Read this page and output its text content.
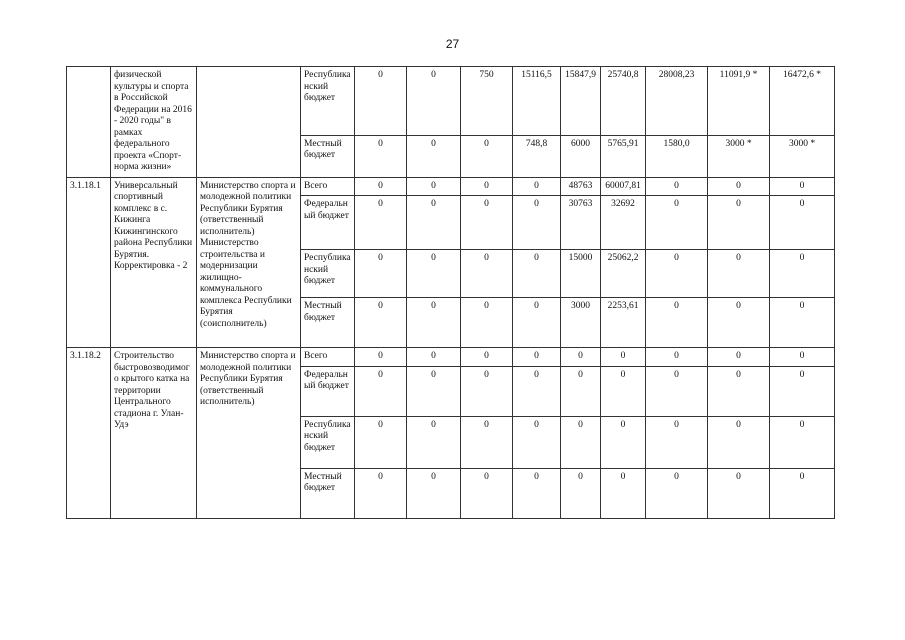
27
	физической культуры и спорта в Российской Федерации на 2016 - 2020 годы" в рамках федерального проекта «Спорт-норма жизни»		Республиканский бюджет	0	0	750	15116,5	15847,9	25740,8	28008,23	11091,9 *	16472,6 *
			Местный бюджет	0	0	0	748,8	6000	5765,91	1580,0	3000 *	3000 *
3.1.18.1	Универсальный спортивный комплекс в с. Кижинга Кижингинского района Республики Бурятия. Корректировка - 2	Министерство спорта и молодежной политики Республики Бурятия (ответственный исполнитель) Министерство строительства и модернизации жилищно-коммунального комплекса Республики Бурятия (соисполнитель)	Всего	0	0	0	0	48763	60007,81	0	0	0
			Федеральный бюджет	0	0	0	0	30763	32692	0	0	0
			Республиканский бюджет	0	0	0	0	15000	25062,2	0	0	0
			Местный бюджет	0	0	0	0	3000	2253,61	0	0	0
3.1.18.2	Строительство быстровозводимого крытого катка на территории Центрального стадиона г. Улан-Удэ	Министерство спорта и молодежной политики Республики Бурятия (ответственный исполнитель)	Всего	0	0	0	0	0	0	0	0	0
			Федеральный бюджет	0	0	0	0	0	0	0	0	0
			Республиканский бюджет	0	0	0	0	0	0	0	0	0
			Местный бюджет	0	0	0	0	0	0	0	0	0
